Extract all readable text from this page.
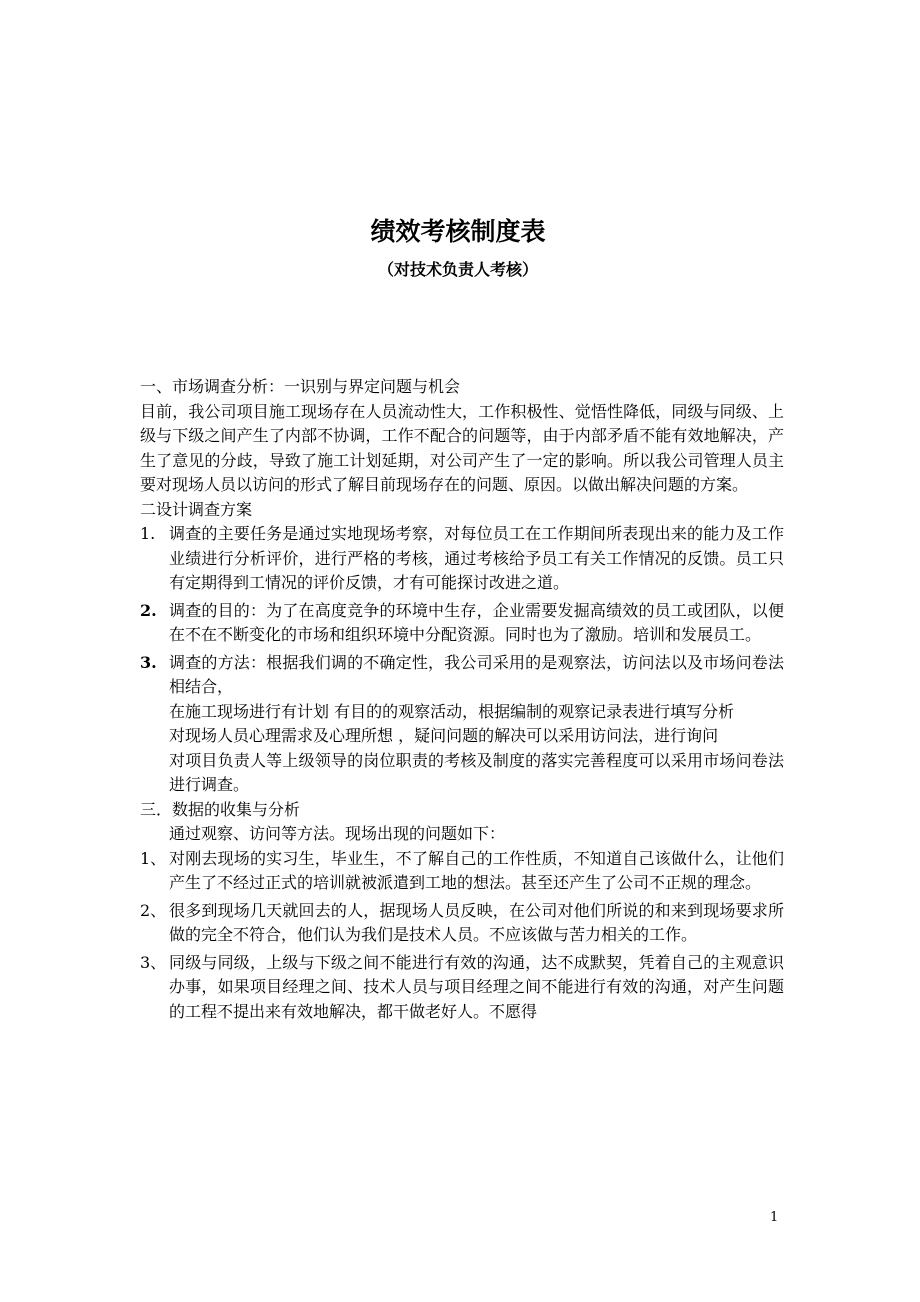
绩效考核制度表
（对技术负责人考核）

一、市场调查分析：一识别与界定问题与机会

目前，我公司项目施工现场存在人员流动性大，工作积极性、觉悟性降低，同级与同级、上级与下级之间产生了内部不协调，工作不配合的问题等，由于内部矛盾不能有效地解决，产生了意见的分歧，导致了施工计划延期，对公司产生了一定的影响。所以我公司管理人员主要对现场人员以访问的形式了解目前现场存在的问题、原因。以做出解决问题的方案。

二设计调查方案

1. 调查的主要任务是通过实地现场考察，对每位员工在工作期间所表现出来的能力及工作业绩进行分析评价，进行严格的考核，通过考核给予员工有关工作情况的反馈。员工只有定期得到工情况的评价反馈，才有可能探讨改进之道。
2. 调查的目的：为了在高度竞争的环境中生存，企业需要发掘高绩效的员工或团队，以便在不在不断变化的市场和组织环境中分配资源。同时也为了激励。培训和发展员工。
3. 调查的方法：根据我们调的不确定性，我公司采用的是观察法，访问法以及市场问卷法相结合，

在施工现场进行有计划 有目的的观察活动，根据编制的观察记录表进行填写分析

对现场人员心理需求及心理所想 ，疑问问题的解决可以采用访问法，进行询问

对项目负责人等上级领导的岗位职责的考核及制度的落实完善程度可以采用市场问卷法进行调查。

三．数据的收集与分析

通过观察、访问等方法。现场出现的问题如下：

1、 对刚去现场的实习生，毕业生，不了解自己的工作性质，不知道自己该做什么，让他们产生了不经过正式的培训就被派遣到工地的想法。甚至还产生了公司不正规的理念。
2、 很多到现场几天就回去的人，据现场人员反映，在公司对他们所说的和来到现场要求所做的完全不符合，他们认为我们是技术人员。不应该做与苦力相关的工作。
3、 同级与同级，上级与下级之间不能进行有效的沟通，达不成默契，凭着自己的主观意识办事，如果项目经理之间、技术人员与项目经理之间不能进行有效的沟通，对产生问题的工程不提出来有效地解决，都干做老好人。不愿得
1
